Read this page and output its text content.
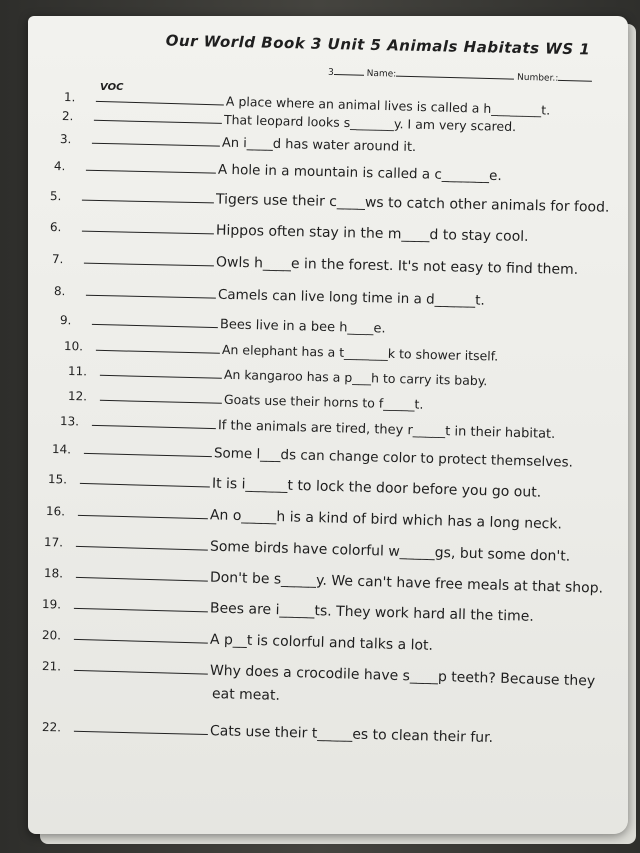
Our World Book 3 Unit 5 Animals Habitats WS 1
3	Name:	Number.:
VOC
1.	A place where an animal lives is called a h________t.
2.	That leopard looks s_______y. I am very scared.
3.	An i____d has water around it.
4.	A hole in a mountain is called a c_______e.
5.	Tigers use their c____ws to catch other animals for food.
6.	Hippos often stay in the m____d to stay cool.
7.	Owls h____e in the forest. It's not easy to find them.
8.	Camels can live long time in a d______t.
9.	Bees live in a bee h____e.
10.	An elephant has a t_______k to shower itself.
11.	An kangaroo has a p___h to carry its baby.
12.	Goats use their horns to f_____t.
13.	If the animals are tired, they r_____t in their habitat.
14.	Some l___ds can change color to protect themselves.
15.	It is i______t to lock the door before you go out.
16.	An o_____h is a kind of bird which has a long neck.
17.	Some birds have colorful w_____gs, but some don't.
18.	Don't be s_____y. We can't have free meals at that shop.
19.	Bees are i_____ts. They work hard all the time.
20.	A p__t is colorful and talks a lot.
21.	Why does a crocodile have s____p teeth? Because they
eat meat.
22.	Cats use their t_____es to clean their fur.
